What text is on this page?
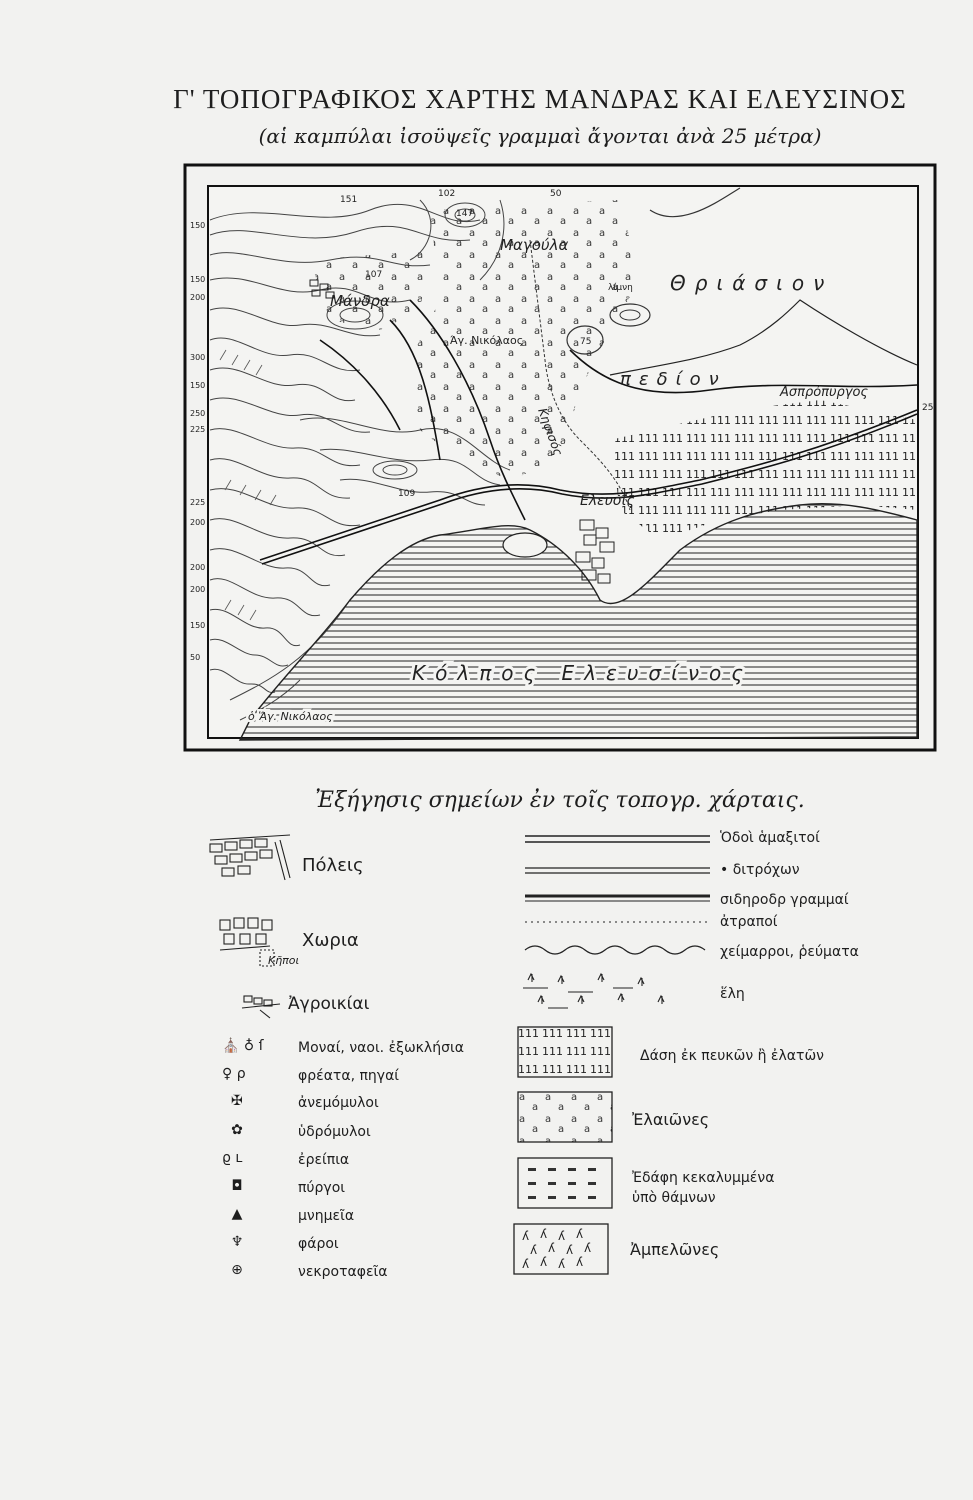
Γ' ΤΟΠΟΓΡΑΦΙΚΟΣ ΧΑΡΤΗΣ ΜΑΝΔΡΑΣ ΚΑΙ ΕΛΕΥΣΙΝΟΣ
(αἱ καμπύλαι ἰσοϋψεῖς γραμμαὶ ἄγονται ἀνὰ 25 μέτρα)
Μαγούλα
Μάνδρα
Άγ. Νικόλαος
Θριάσιον
πεδίον
λίμνη
Ασπρόπυργος
Ελευσίς
Κηφισός
Κόλπος Ελευσίνος
ὁ Ἅγ. Νικόλαος
151
102	50
147
107
75
109
25
150
150
200
300
150
250
225
225
200
200
200
150
50
Ἐξήγησις σημείων ἐν τοῖς τοπογρ. χάρταις.
Πόλεις
Χωρια
Κῆποι
Ἀγροικίαι
⛪ ♁ ſ	Μοναί, ναοι. ἐξωκλήσια
♀ ρ	φρέατα, πηγαί
✠	ἀνεμόμυλοι
✿	ὑδρόμυλοι
ϱ ʟ	ἐρείπια
◘	πύργοι
▲	μνημεῖα
♆	φάροι
⊕	νεκροταφεῖα
Ὁδοὶ ἁμαξιτοί
• διτρόχων
σιδηροδρ γραμμαί
ἀτραποί
χείμαρροι, ῥεύματα
ἕλη
Δάση ἐκ πευκῶν ἢ ἐλατῶν
Ἐλαιῶνες
Ἐδάφη κεκαλυμμένα
ὑπὸ θάμνων
ʎ ʎ ʎ ʎ
ʎ ʎ ʎ ʎ
ʎ ʎ ʎ ʎ
Ἀμπελῶνες
